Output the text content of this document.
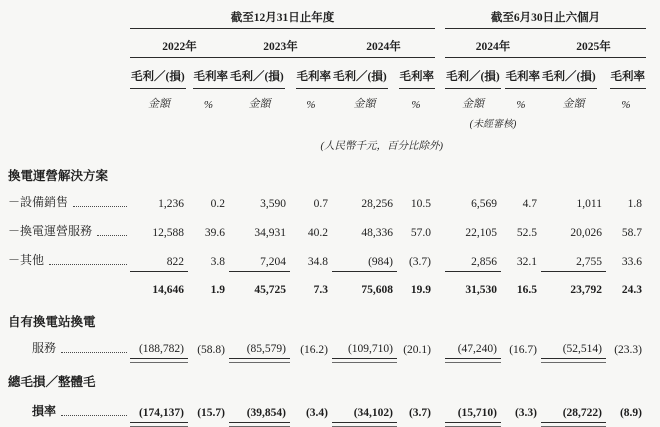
	截至12月31日止年度							截至6月30日止六個月			
	2022年		2023年		2024年			2024年		2025年	
	毛利／(損)	毛利率	毛利／(損)	毛利率	毛利／(損)	毛利率		毛利／(損)	毛利率	毛利／(損)	毛利率
	金額	%	金額	%	金額	%		金額	%	金額	%
								(未經審核)			
	(人民幣千元，百分比除外)										
換電運營解決方案											

－設備銷售	1,236	0.2	3,590	0.7	28,256	10.5		6,569	4.7	1,011	1.8

－換電運營服務	12,588	39.6	34,931	40.2	48,336	57.0		22,105	52.5	20,026	58.7

－其他	822	3.8	7,204	34.8	(984)	(3.7)		2,856	32.1	2,755	33.6

	14,646	1.9	45,725	7.3	75,608	19.9		31,530	16.5	23,792	24.3
自有換電站換電											

服務	(188,782)	(58.8)	(85,579)	(16.2)	(109,710)	(20.1)		(47,240)	(16.7)	(52,514)	(23.3)
總毛損／整體毛											

損率	(174,137)	(15.7)	(39,854)	(3.4)	(34,102)	(3.7)		(15,710)	(3.3)	(28,722)	(8.9)
